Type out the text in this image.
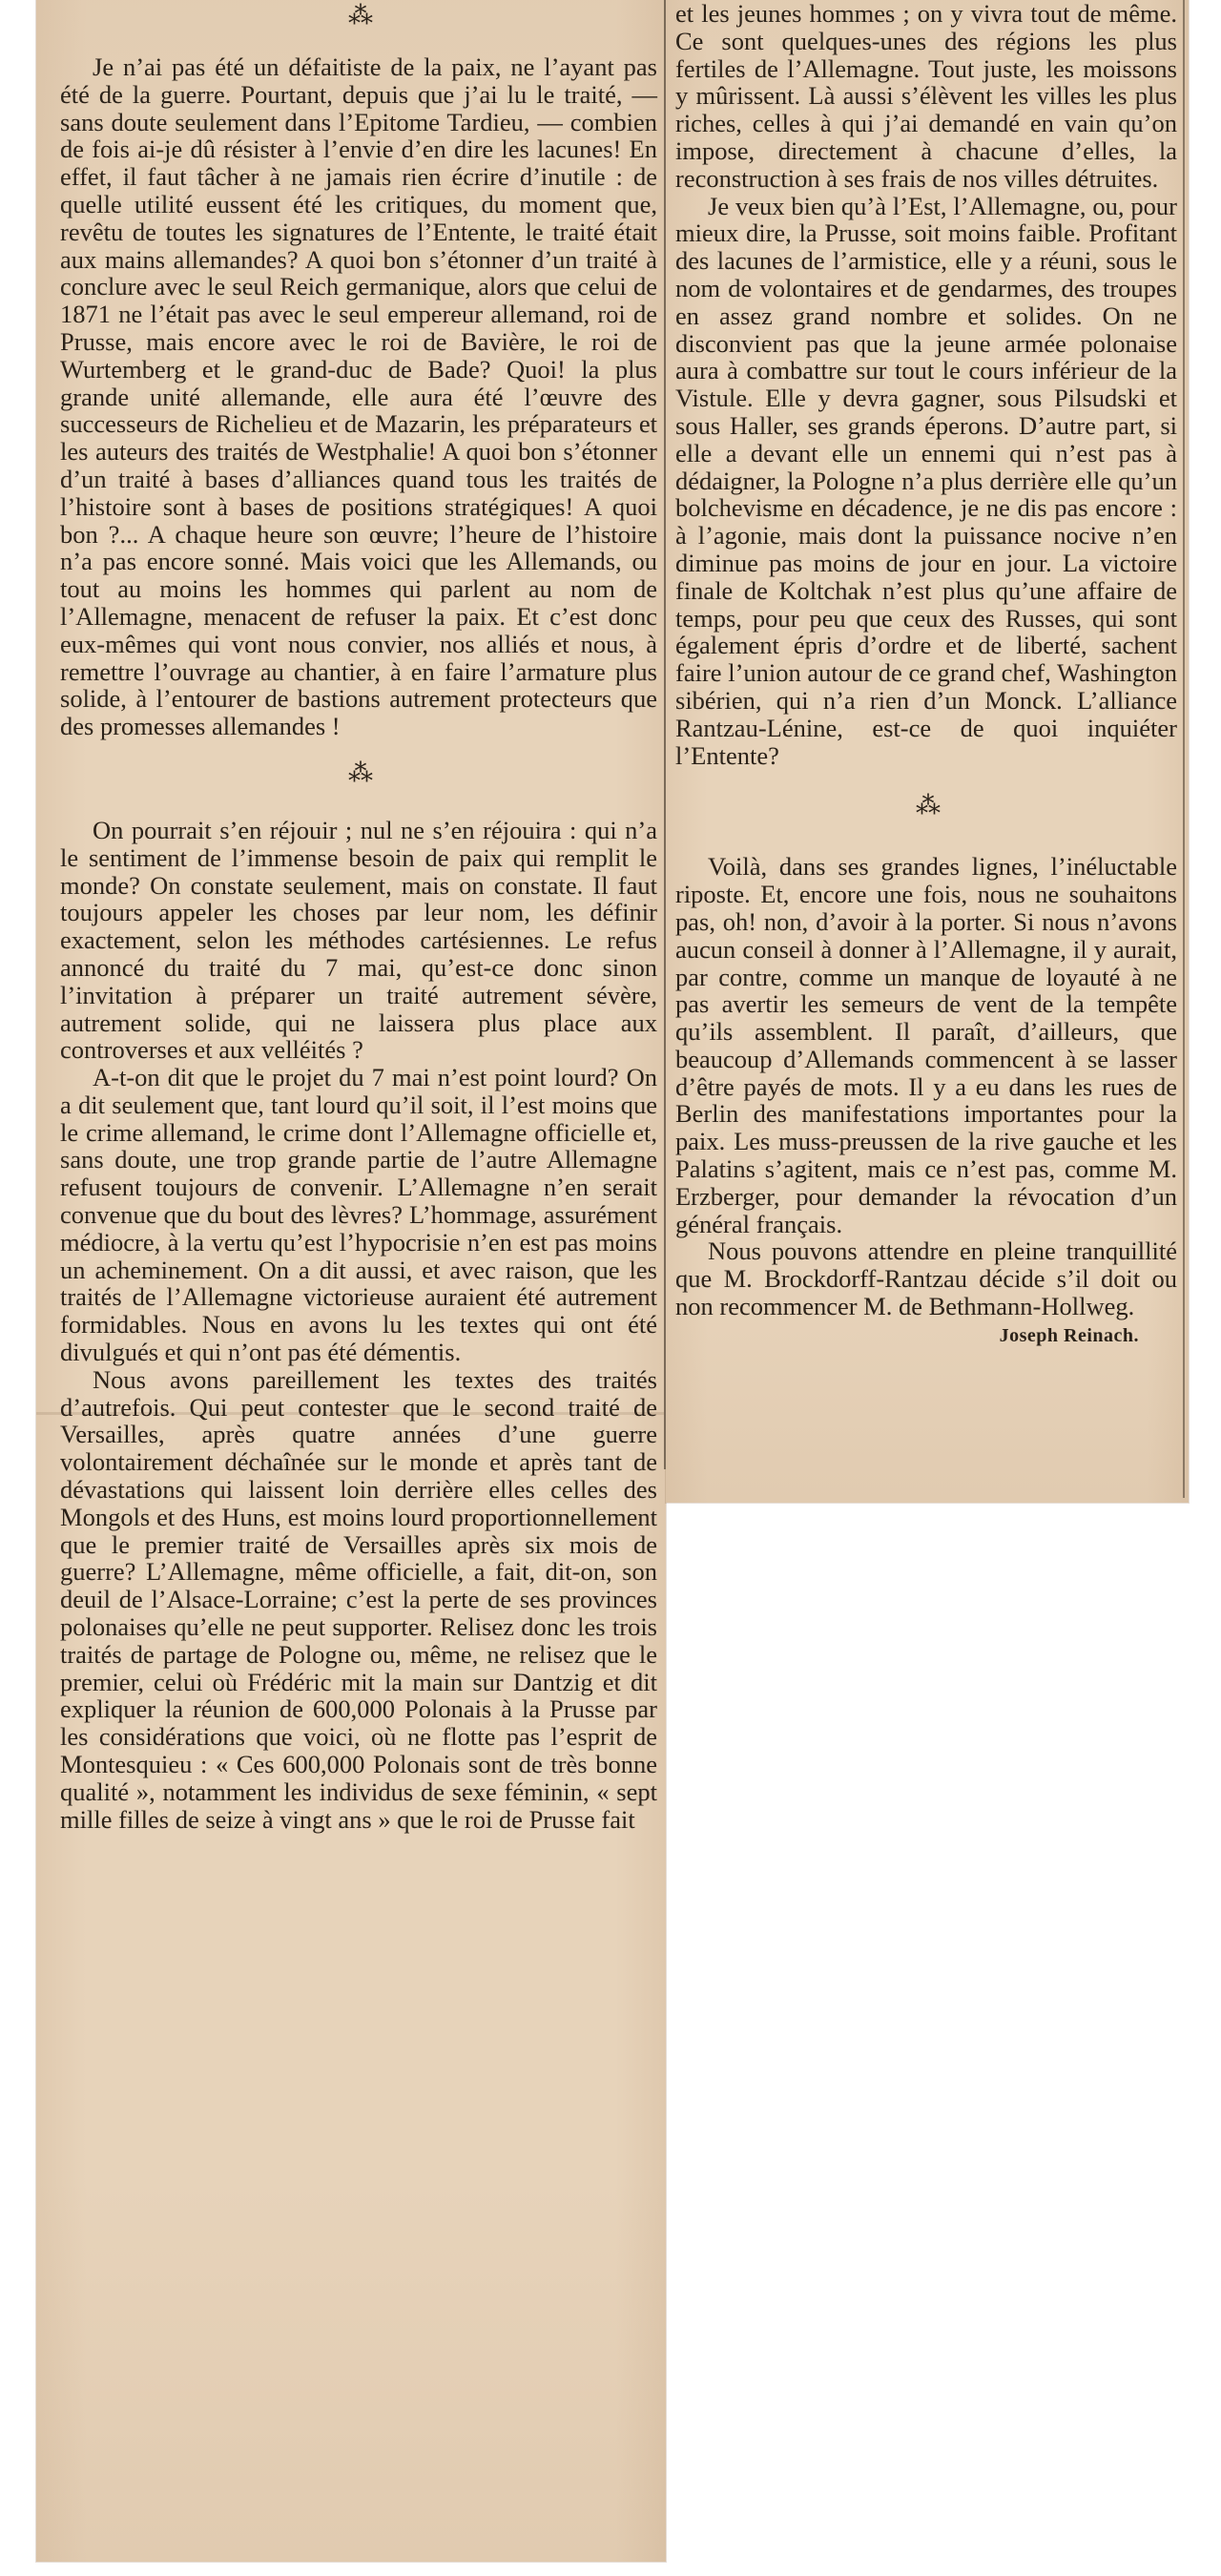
⁂

Je n’ai pas été un défaitiste de la paix, ne l’ayant pas été de la guerre. Pourtant, depuis que j’ai lu le traité, — sans doute seulement dans l’Epitome Tardieu, — combien de fois ai-je dû résister à l’envie d’en dire les lacunes! En effet, il faut tâcher à ne jamais rien écrire d’inutile : de quelle utilité eussent été les critiques, du moment que, revêtu de toutes les signatures de l’Entente, le traité était aux mains allemandes? A quoi bon s’étonner d’un traité à conclure avec le seul Reich germanique, alors que celui de 1871 ne l’était pas avec le seul empereur allemand, roi de Prusse, mais encore avec le roi de Bavière, le roi de Wurtemberg et le grand-duc de Bade? Quoi! la plus grande unité allemande, elle aura été l’œuvre des successeurs de Richelieu et de Mazarin, les préparateurs et les auteurs des traités de Westphalie! A quoi bon s’étonner d’un traité à bases d’alliances quand tous les traités de l’histoire sont à bases de positions stratégiques! A quoi bon ?... A chaque heure son œuvre; l’heure de l’histoire n’a pas encore sonné. Mais voici que les Allemands, ou tout au moins les hommes qui parlent au nom de l’Allemagne, menacent de refuser la paix. Et c’est donc eux-mêmes qui vont nous convier, nos alliés et nous, à remettre l’ouvrage au chantier, à en faire l’armature plus solide, à l’entourer de bastions autrement protecteurs que des promesses allemandes !

⁂

On pourrait s’en réjouir ; nul ne s’en réjouira : qui n’a le sentiment de l’immense besoin de paix qui remplit le monde? On constate seulement, mais on constate. Il faut toujours appeler les choses par leur nom, les définir exactement, selon les méthodes cartésiennes. Le refus annoncé du traité du 7 mai, qu’est-ce donc sinon l’invitation à préparer un traité autrement sévère, autrement solide, qui ne laissera plus place aux controverses et aux velléités ?

A-t-on dit que le projet du 7 mai n’est point lourd? On a dit seulement que, tant lourd qu’il soit, il l’est moins que le crime allemand, le crime dont l’Allemagne officielle et, sans doute, une trop grande partie de l’autre Allemagne refusent toujours de convenir. L’Allemagne n’en serait convenue que du bout des lèvres? L’hommage, assurément médiocre, à la vertu qu’est l’hypocrisie n’en est pas moins un acheminement. On a dit aussi, et avec raison, que les traités de l’Allemagne victorieuse auraient été autrement formidables. Nous en avons lu les textes qui ont été divulgués et qui n’ont pas été démentis.

Nous avons pareillement les textes des traités d’autrefois. Qui peut contester que le second traité de Versailles, après quatre années d’une guerre volontairement déchaînée sur le monde et après tant de dévastations qui laissent loin derrière elles celles des Mongols et des Huns, est moins lourd proportionnellement que le premier traité de Versailles après six mois de guerre? L’Allemagne, même officielle, a fait, dit-on, son deuil de l’Alsace-Lorraine; c’est la perte de ses provinces polonaises qu’elle ne peut supporter. Relisez donc les trois traités de partage de Pologne ou, même, ne relisez que le premier, celui où Frédéric mit la main sur Dantzig et dit expliquer la réunion de 600,000 Polonais à la Prusse par les considérations que voici, où ne flotte pas l’esprit de Montesquieu : « Ces 600,000 Polonais sont de très bonne qualité », notamment les individus de sexe féminin, « sept mille filles de seize à vingt ans » que le roi de Prusse fait

et les jeunes hommes ; on y vivra tout de même. Ce sont quelques-unes des régions les plus fertiles de l’Allemagne. Tout juste, les moissons y mûrissent. Là aussi s’élèvent les villes les plus riches, celles à qui j’ai demandé en vain qu’on impose, directement à chacune d’elles, la reconstruction à ses frais de nos villes détruites.

Je veux bien qu’à l’Est, l’Allemagne, ou, pour mieux dire, la Prusse, soit moins faible. Profitant des lacunes de l’armistice, elle y a réuni, sous le nom de volontaires et de gendarmes, des troupes en assez grand nombre et solides. On ne disconvient pas que la jeune armée polonaise aura à combattre sur tout le cours inférieur de la Vistule. Elle y devra gagner, sous Pilsudski et sous Haller, ses grands éperons. D’autre part, si elle a devant elle un ennemi qui n’est pas à dédaigner, la Pologne n’a plus derrière elle qu’un bolchevisme en décadence, je ne dis pas encore : à l’agonie, mais dont la puissance nocive n’en diminue pas moins de jour en jour. La victoire finale de Koltchak n’est plus qu’une affaire de temps, pour peu que ceux des Russes, qui sont également épris d’ordre et de liberté, sachent faire l’union autour de ce grand chef, Washington sibérien, qui n’a rien d’un Monck. L’alliance Rantzau-Lénine, est-ce de quoi inquiéter l’Entente?

⁂

Voilà, dans ses grandes lignes, l’inéluctable riposte. Et, encore une fois, nous ne souhaitons pas, oh! non, d’avoir à la porter. Si nous n’avons aucun conseil à donner à l’Allemagne, il y aurait, par contre, comme un manque de loyauté à ne pas avertir les semeurs de vent de la tempête qu’ils assemblent. Il paraît, d’ailleurs, que beaucoup d’Allemands commencent à se lasser d’être payés de mots. Il y a eu dans les rues de Berlin des manifestations importantes pour la paix. Les muss-preussen de la rive gauche et les Palatins s’agitent, mais ce n’est pas, comme M. Erzberger, pour demander la révocation d’un général français.

Nous pouvons attendre en pleine tranquillité que M. Brockdorff-Rantzau décide s’il doit ou non recommencer M. de Bethmann-Hollweg.

Joseph Reinach.
